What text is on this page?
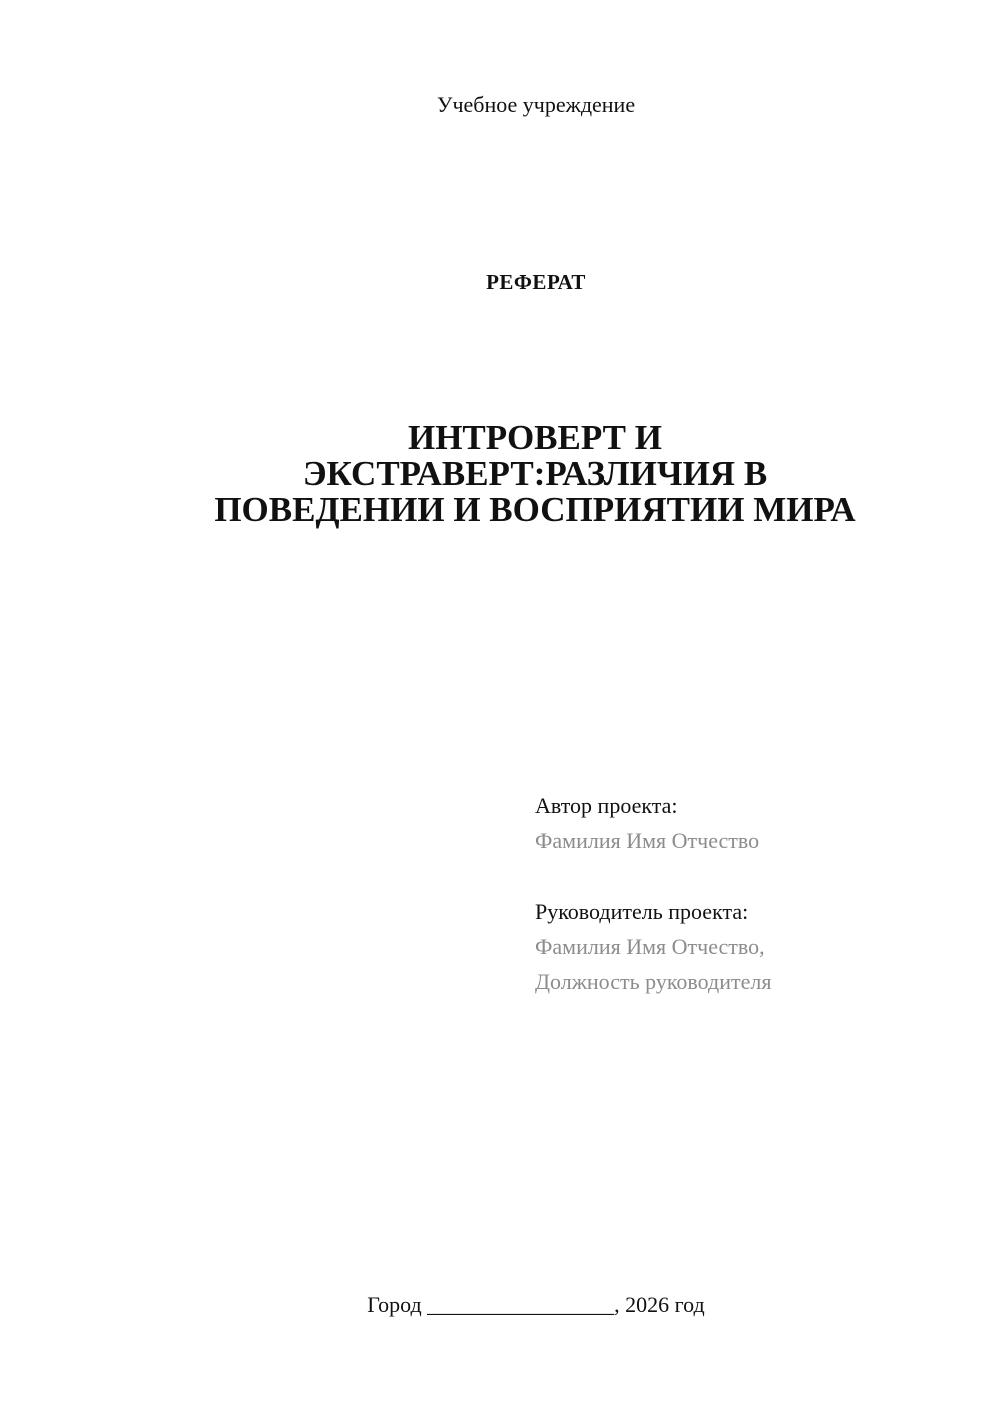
Учебное учреждение
РЕФЕРАТ
ИНТРОВЕРТ И
ЭКСТРАВЕРТ:РАЗЛИЧИЯ В
ПОВЕДЕНИИ И ВОСПРИЯТИИ МИРА
Автор проекта:
Фамилия Имя Отчество
Руководитель проекта:
Фамилия Имя Отчество,
Должность руководителя
Город _________________, 2026 год
